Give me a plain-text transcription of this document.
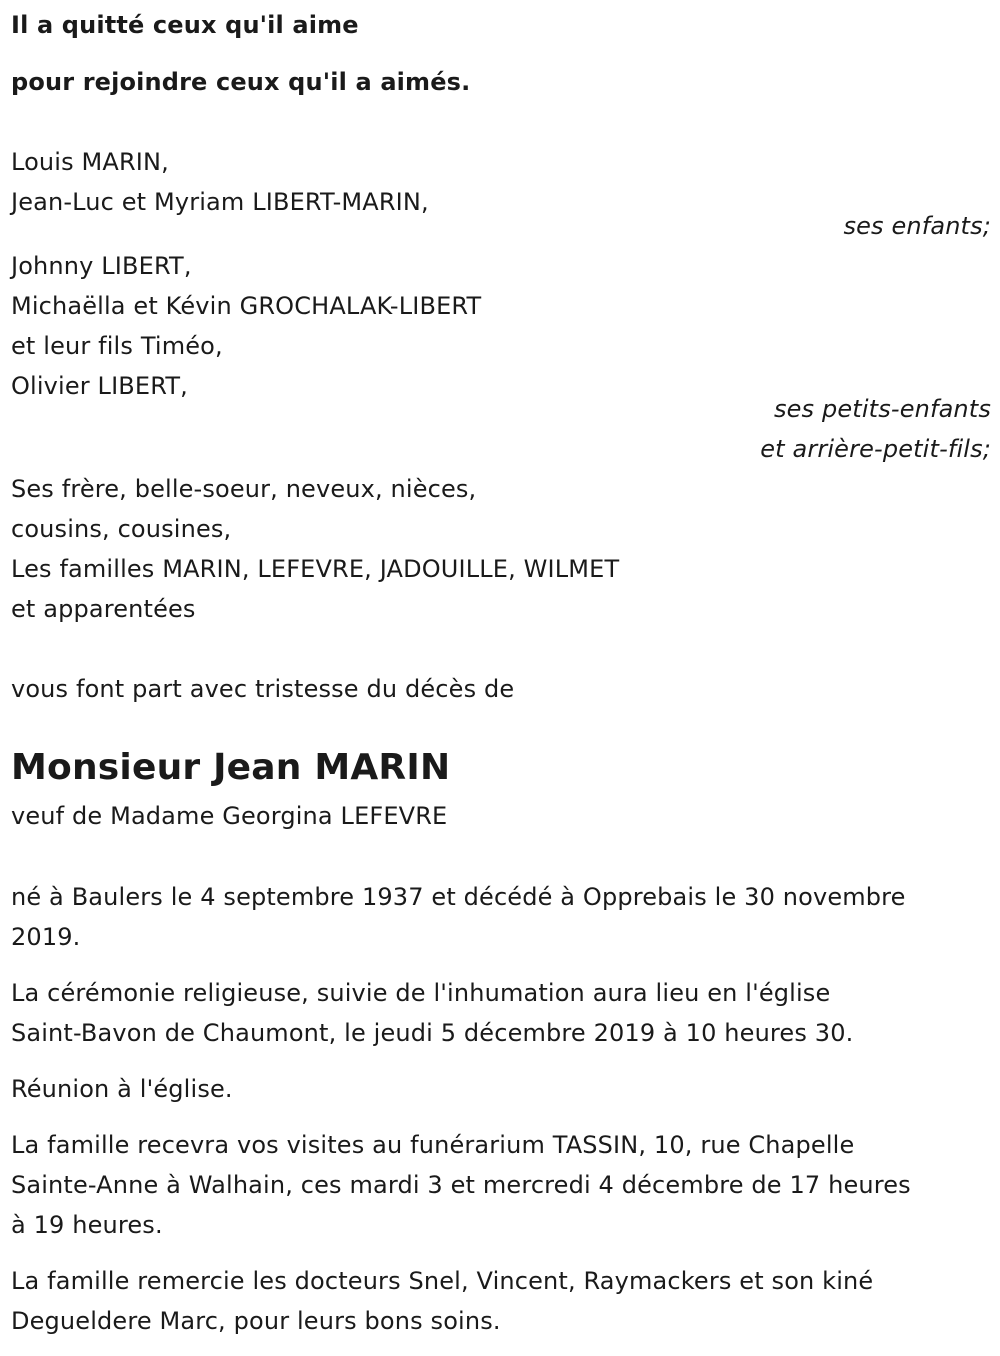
Il a quitté ceux qu'il aime
pour rejoindre ceux qu'il a aimés.
Louis MARIN,
Jean-Luc et Myriam LIBERT-MARIN,
ses enfants;
Johnny LIBERT,
Michaëlla et Kévin GROCHALAK-LIBERT
et leur fils Timéo,
Olivier LIBERT,
ses petits-enfants
et arrière-petit-fils;
Ses frère, belle-soeur, neveux, nièces,
cousins, cousines,
Les familles MARIN, LEFEVRE, JADOUILLE, WILMET
et apparentées
vous font part avec tristesse du décès de
Monsieur Jean MARIN
veuf de Madame Georgina LEFEVRE
né à Baulers le 4 septembre 1937 et décédé à Opprebais le 30 novembre
2019.
La cérémonie religieuse, suivie de l'inhumation aura lieu en l'église
Saint-Bavon de Chaumont, le jeudi 5 décembre 2019 à 10 heures 30.
Réunion à l'église.
La famille recevra vos visites au funérarium TASSIN, 10, rue Chapelle
Sainte-Anne à Walhain, ces mardi 3 et mercredi 4 décembre de 17 heures
à 19 heures.
La famille remercie les docteurs Snel, Vincent, Raymackers et son kiné
Degueldere Marc, pour leurs bons soins.
